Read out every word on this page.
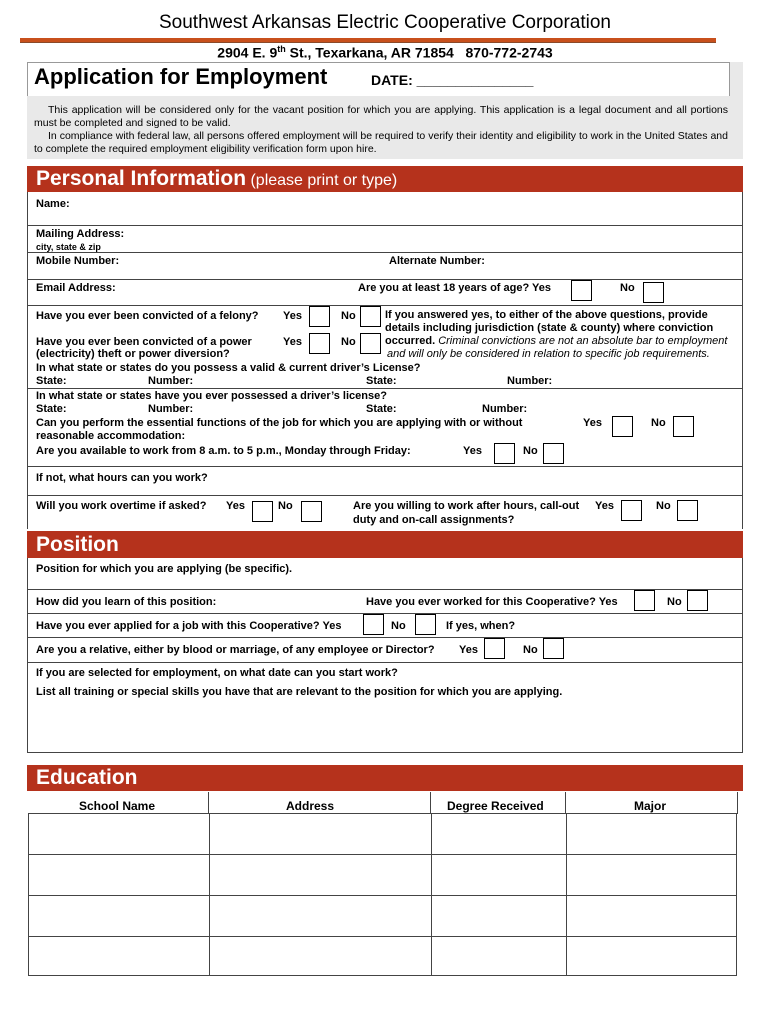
Southwest Arkansas Electric Cooperative Corporation
2904 E. 9th St., Texarkana, AR 71854   870-772-2743
Application for Employment	DATE: _______________
This application will be considered only for the vacant position for which you are applying. This application is a legal document and all portions must be completed and signed to be valid.
In compliance with federal law, all persons offered employment will be required to verify their identity and eligibility to work in the United States and to complete the required employment eligibility verification form upon hire.
Personal Information (please print or type)
Name:
Mailing Address:
city, state & zip
Mobile Number:	Alternate Number:
Email Address:	Are you at least 18 years of age? Yes	No
Have you ever been convicted of a felony? Yes	No
Have you ever been convicted of a power
(electricity) theft or power diversion?
Yes	No
If you answered yes, to either of the above questions, provide
details including jurisdiction (state & county) where conviction
occurred. Criminal convictions are not an absolute bar to employment
and will only be considered in relation to specific job requirements.
In what state or states do you possess a valid & current driver’s License?
State:	Number:	State:	Number:
In what state or states have you ever possessed a driver’s license?
State:	Number:	State:	Number:
Can you perform the essential functions of the job for which you are applying with or without
reasonable accommodation:
Yes	No
Are you available to work from 8 a.m. to 5 p.m., Monday through Friday:	Yes	No
If not, what hours can you work?
Will you work overtime if asked? Yes	No	Are you willing to work after hours, call-out
duty and on-call assignments?
Yes	No
Position
Position for which you are applying (be specific).
How did you learn of this position:	Have you ever worked for this Cooperative? Yes	No
Have you ever applied for a job with this Cooperative? Yes	No	If yes, when?
Are you a relative, either by blood or marriage, of any employee or Director? Yes	No
If you are selected for employment, on what date can you start work?
List all training or special skills you have that are relevant to the position for which you are applying.
Education
School Name	Address	Degree Received	Major
